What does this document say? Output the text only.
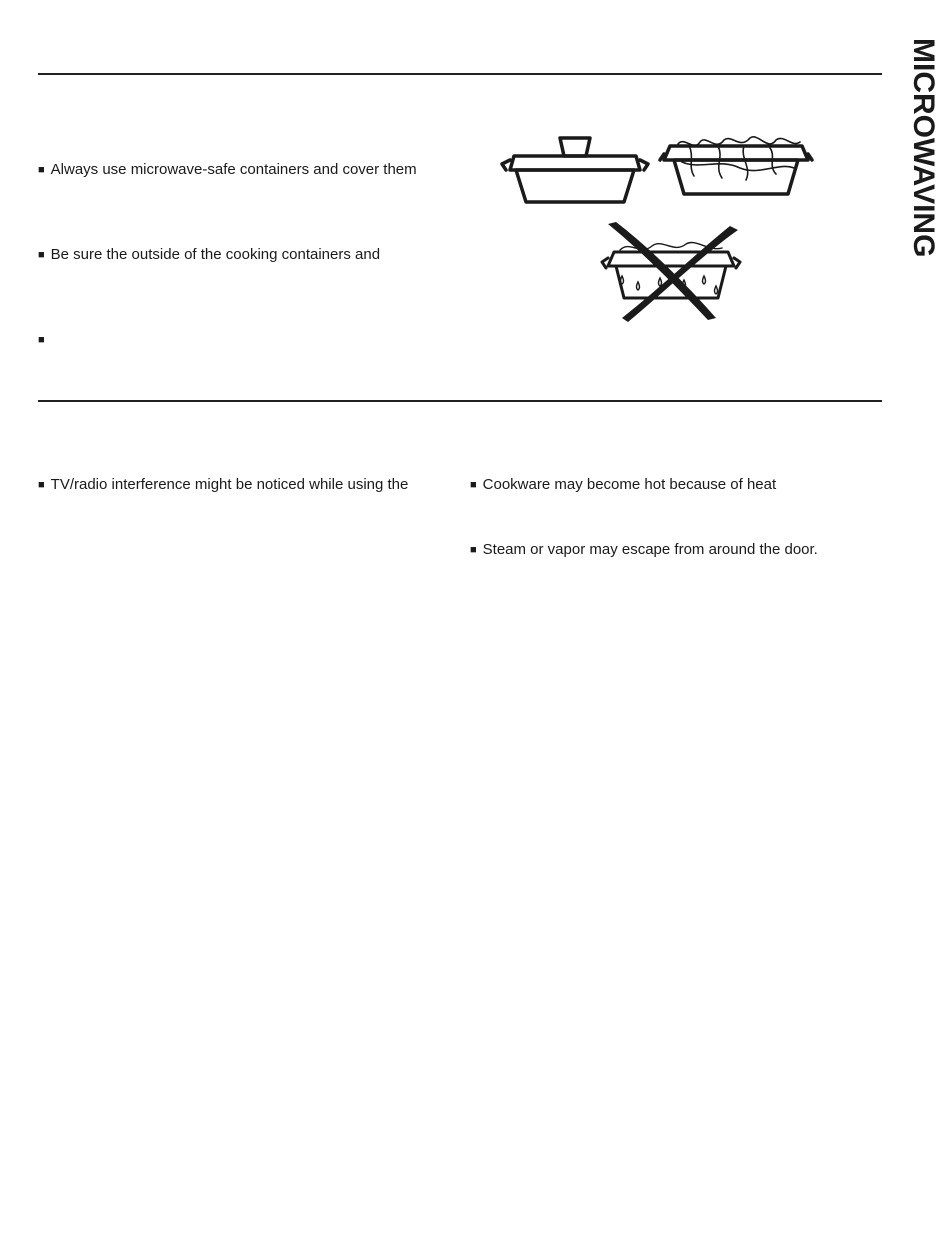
MICROWAVING
■ Always use microwave-safe containers and cover them
■ Be sure the outside of the cooking containers and
■
■ TV/radio interference might be noticed while using the	■ Cookware may become hot because of heat
■ Steam or vapor may escape from around the door.
